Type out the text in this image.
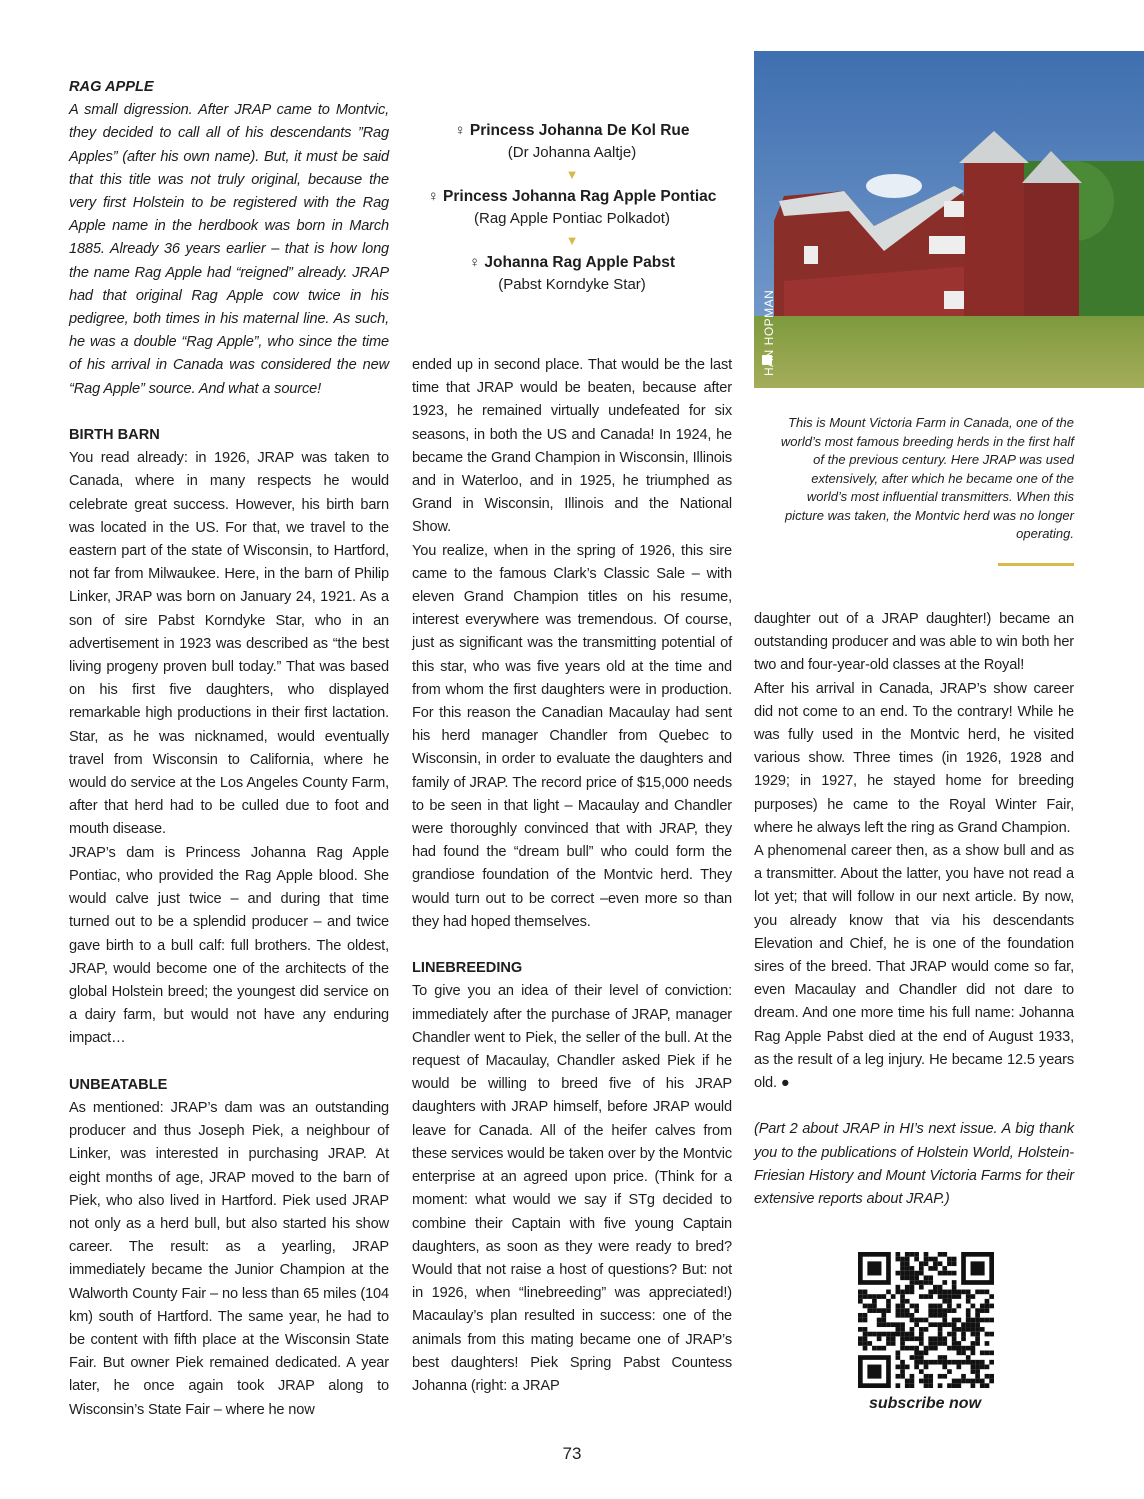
RAG APPLE

A small digression. After JRAP came to Montvic, they decided to call all of his descendants ”Rag Apples” (after his own name). But, it must be said that this title was not truly original, because the very first Holstein to be registered with the Rag Apple name in the herdbook was born in March 1885. Already 36 years earlier – that is how long the name Rag Apple had “reigned” already. JRAP had that original Rag Apple cow twice in his pedigree, both times in his maternal line. As such, he was a double “Rag Apple”, who since the time of his arrival in Canada was considered the new “Rag Apple” source. And what a source!

BIRTH BARN

You read already: in 1926, JRAP was taken to Canada, where in many respects he would celebrate great success. However, his birth barn was located in the US. For that, we travel to the eastern part of the state of Wisconsin, to Hartford, not far from Milwaukee. Here, in the barn of Philip Linker, JRAP was born on January 24, 1921. As a son of sire Pabst Korndyke Star, who in an advertisement in 1923 was described as “the best living progeny proven bull today.” That was based on his first five daughters, who displayed remarkable high productions in their first lactation. Star, as he was nicknamed, would eventually travel from Wisconsin to California, where he would do service at the Los Angeles County Farm, after that herd had to be culled due to foot and mouth disease.

JRAP’s dam is Princess Johanna Rag Apple Pontiac, who provided the Rag Apple blood. She would calve just twice – and during that time turned out to be a splendid producer – and twice gave birth to a bull calf: full brothers. The oldest, JRAP, would become one of the architects of the global Holstein breed; the youngest did service on a dairy farm, but would not have any enduring impact…

UNBEATABLE

As mentioned: JRAP’s dam was an outstanding producer and thus Joseph Piek, a neighbour of Linker, was interested in purchasing JRAP. At eight months of age, JRAP moved to the barn of Piek, who also lived in Hartford. Piek used JRAP not only as a herd bull, but also started his show career. The result: as a yearling, JRAP immediately became the Junior Champion at the Walworth County Fair – no less than 65 miles (104 km) south of Hartford. The same year, he had to be content with fifth place at the Wisconsin State Fair. But owner Piek remained dedicated. A year later, he once again took JRAP along to Wisconsin’s State Fair – where he now

♀ Princess Johanna De Kol Rue
(Dr Johanna Aaltje)
▼
♀ Princess Johanna Rag Apple Pontiac
(Rag Apple Pontiac Polkadot)
▼
♀ Johanna Rag Apple Pabst
(Pabst Korndyke Star)

ended up in second place. That would be the last time that JRAP would be beaten, because after 1923, he remained virtually undefeated for six seasons, in both the US and Canada! In 1924, he became the Grand Champion in Wisconsin, Illinois and in Waterloo, and in 1925, he triumphed as Grand in Wisconsin, Illinois and the National Show.

You realize, when in the spring of 1926, this sire came to the famous Clark’s Classic Sale – with eleven Grand Champion titles on his resume, interest everywhere was tremendous. Of course, just as significant was the transmitting potential of this star, who was five years old at the time and from whom the first daughters were in production. For this reason the Canadian Macaulay had sent his herd manager Chandler from Quebec to Wisconsin, in order to evaluate the daughters and family of JRAP. The record price of $15,000 needs to be seen in that light – Macaulay and Chandler were thoroughly convinced that with JRAP, they had found the “dream bull” who could form the grandiose foundation of the Montvic herd. They would turn out to be correct –even more so than they had hoped themselves.

LINEBREEDING

To give you an idea of their level of conviction: immediately after the purchase of JRAP, manager Chandler went to Piek, the seller of the bull. At the request of Macaulay, Chandler asked Piek if he would be willing to breed five of his JRAP daughters with JRAP himself, before JRAP would leave for Canada. All of the heifer calves from these services would be taken over by the Montvic enterprise at an agreed upon price. (Think for a moment: what would we say if STg decided to combine their Captain with five young Captain daughters, as soon as they were ready to bred? Would that not raise a host of questions? But: not in 1926, when “linebreeding” was appreciated!) Macaulay’s plan resulted in success: one of the animals from this mating became one of JRAP’s best daughters! Piek Spring Pabst Countess Johanna (right: a JRAP

HAN HOPMAN
This is Mount Victoria Farm in Canada, one of the world’s most famous breeding herds in the first half of the previous century. Here JRAP was used extensively, after which he became one of the world’s most influential transmitters. When this picture was taken, the Montvic herd was no longer operating.

daughter out of a JRAP daughter!) became an outstanding producer and was able to win both her two and four-year-old classes at the Royal!

After his arrival in Canada, JRAP’s show career did not come to an end. To the contrary! While he was fully used in the Montvic herd, he visited various show. Three times (in 1926, 1928 and 1929; in 1927, he stayed home for breeding purposes) he came to the Royal Winter Fair, where he always left the ring as Grand Champion.

A phenomenal career then, as a show bull and as a transmitter. About the latter, you have not read a lot yet; that will follow in our next article. By now, you already know that via his descendants Elevation and Chief, he is one of the foundation sires of the breed. That JRAP would come so far, even Macaulay and Chandler did not dare to dream. And one more time his full name: Johanna Rag Apple Pabst died at the end of August 1933, as the result of a leg injury. He became 12.5 years old. ●

(Part 2 about JRAP in HI’s next issue. A big thank you to the publications of Holstein World, Holstein-Friesian History and Mount Victoria Farms for their extensive reports about JRAP.)

subscribe now
73
